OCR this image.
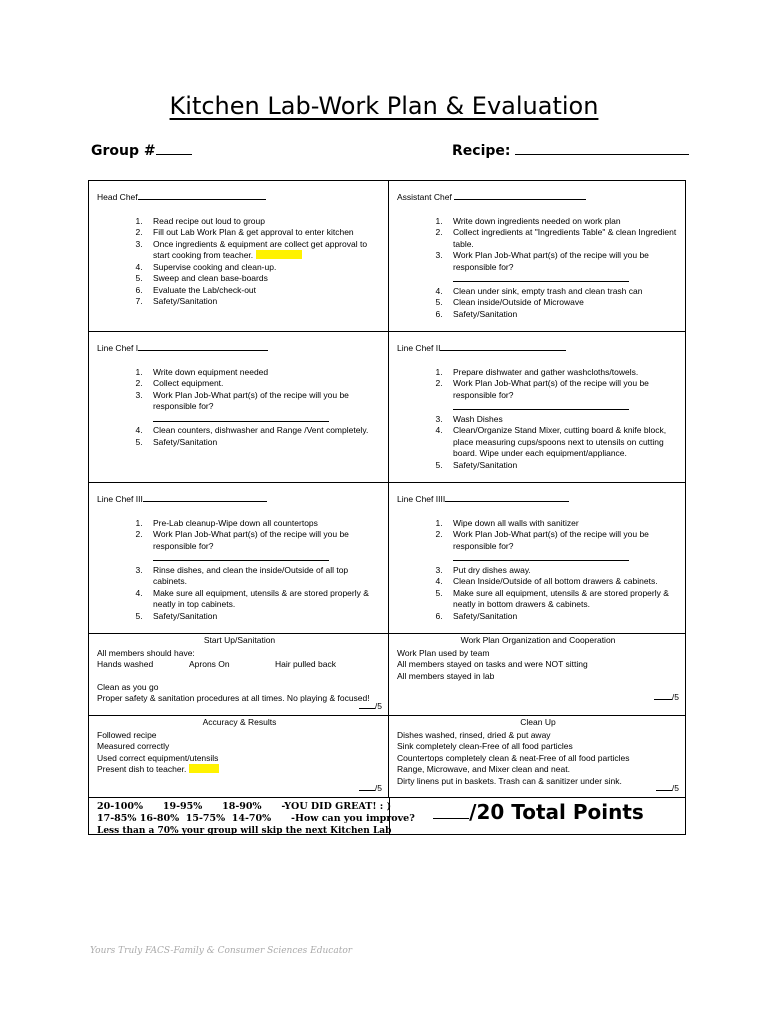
Kitchen Lab-Work Plan & Evaluation
Group #	Recipe:
Head Chef
1. Read recipe out loud to group
2. Fill out Lab Work Plan & get approval to enter kitchen
3. Once ingredients & equipment are collect get approval to start cooking from teacher.
4. Supervise cooking and clean-up.
5. Sweep and clean base-boards
6. Evaluate the Lab/check-out
7. Safety/Sanitation
Assistant Chef
1. Write down ingredients needed on work plan
2. Collect ingredients at "Ingredients Table" & clean Ingredient table.
3. Work Plan Job-What part(s) of the recipe will you be responsible for?

4. Clean under sink, empty trash and clean trash can
5. Clean inside/Outside of Microwave
6. Safety/Sanitation
Line Chef I
1. Write down equipment needed
2. Collect equipment.
3. Work Plan Job-What part(s) of the recipe will you be responsible for?

4. Clean counters, dishwasher and Range /Vent completely.
5. Safety/Sanitation
Line Chef II
1. Prepare dishwater and gather washcloths/towels.
2. Work Plan Job-What part(s) of the recipe will you be responsible for?

3. Wash Dishes
4. Clean/Organize Stand Mixer, cutting board & knife block, place measuring cups/spoons next to utensils on cutting board. Wipe under each equipment/appliance.
5. Safety/Sanitation
Line Chef III
1. Pre-Lab cleanup-Wipe down all countertops
2. Work Plan Job-What part(s) of the recipe will you be responsible for?

3. Rinse dishes, and clean the inside/Outside of all top cabinets.
4. Make sure all equipment, utensils & are stored properly & neatly in top cabinets.
5. Safety/Sanitation
Line Chef IIII
1. Wipe down all walls with sanitizer
2. Work Plan Job-What part(s) of the recipe will you be responsible for?

3. Put dry dishes away.
4. Clean Inside/Outside of all bottom drawers & cabinets.
5. Make sure all equipment, utensils & are stored properly & neatly in bottom drawers & cabinets.
6. Safety/Sanitation
Start Up/Sanitation
All members should have:
Hands washed	Aprons On	Hair pulled back
Clean as you go
Proper safety & sanitation procedures at all times. No playing & focused!
/5
Work Plan Organization and Cooperation
Work Plan used by team
All members stayed on tasks and were NOT sitting
All members stayed in lab
/5
Accuracy & Results
Followed recipe
Measured correctly
Used correct equipment/utensils
Present dish to teacher.
/5
Clean Up
Dishes washed, rinsed, dried & put away
Sink completely clean-Free of all food particles
Countertops completely clean & neat-Free of all food particles
Range, Microwave, and Mixer clean and neat.
Dirty linens put in baskets. Trash can & sanitizer under sink.
/5
20-100%      19-95%      18-90%      -YOU DID GREAT! : )
17-85% 16-80%  15-75%  14-70%      -How can you improve?
Less than a 70% your group will skip the next Kitchen Lab
/20 Total Points
Yours Truly FACS-Family & Consumer Sciences Educator
